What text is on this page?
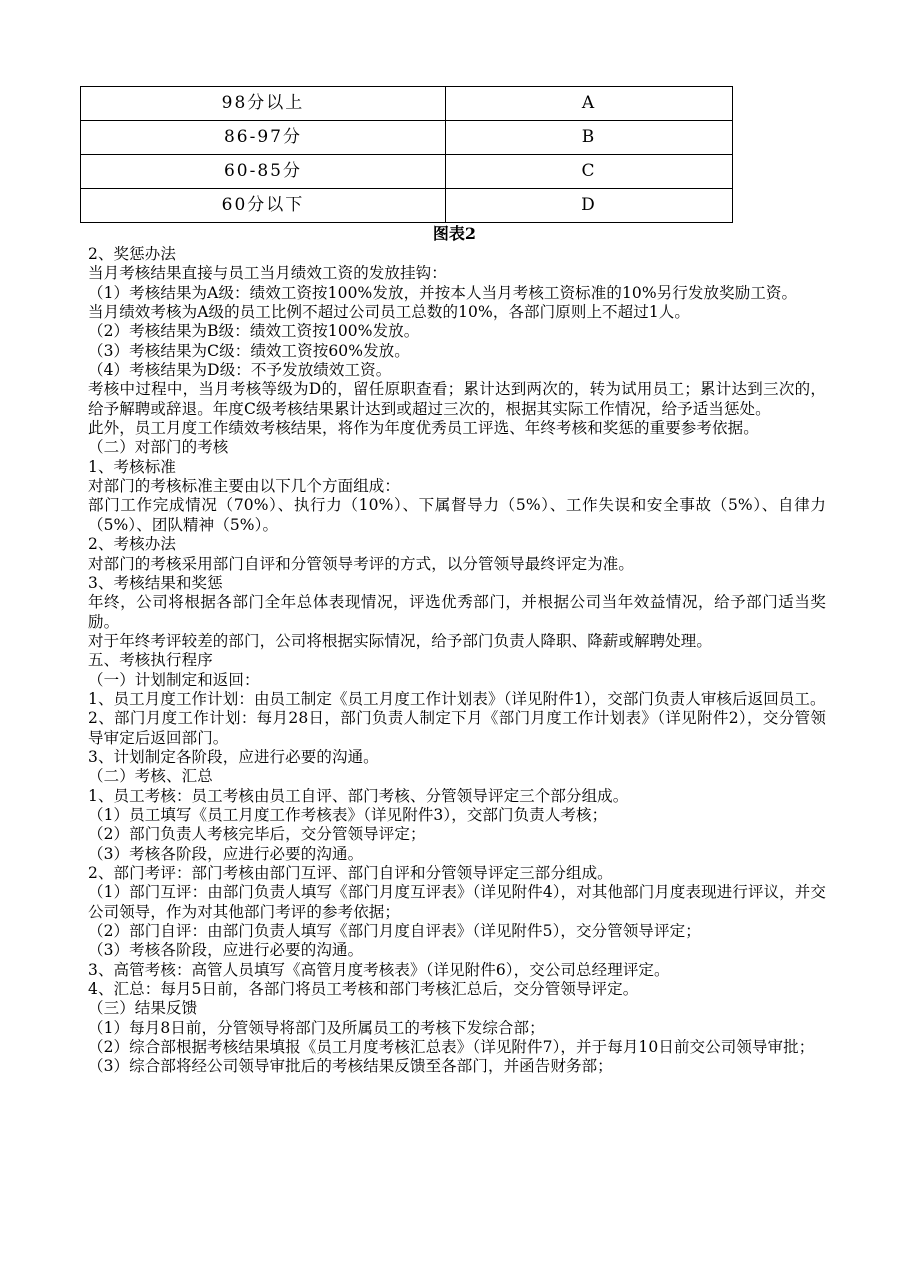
98分以上	A
86-97分	B
60-85分	C
60分以下	D
图表2

2、奖惩办法

当月考核结果直接与员工当月绩效工资的发放挂钩：

（1）考核结果为A级：绩效工资按100%发放，并按本人当月考核工资标准的10%另行发放奖励工资。

当月绩效考核为A级的员工比例不超过公司员工总数的10%，各部门原则上不超过1人。

（2）考核结果为B级：绩效工资按100%发放。

（3）考核结果为C级：绩效工资按60%发放。

（4）考核结果为D级：不予发放绩效工资。

考核中过程中，当月考核等级为D的，留任原职查看；累计达到两次的，转为试用员工；累计达到三次的，给予解聘或辞退。年度C级考核结果累计达到或超过三次的，根据其实际工作情况，给予适当惩处。

此外，员工月度工作绩效考核结果，将作为年度优秀员工评选、年终考核和奖惩的重要参考依据。

（二）对部门的考核

1、考核标准

对部门的考核标准主要由以下几个方面组成：

部门工作完成情况（70%）、执行力（10%）、下属督导力（5%）、工作失误和安全事故（5%）、自律力（5%）、团队精神（5%）。

2、考核办法

对部门的考核采用部门自评和分管领导考评的方式，以分管领导最终评定为准。

3、考核结果和奖惩

年终，公司将根据各部门全年总体表现情况，评选优秀部门，并根据公司当年效益情况，给予部门适当奖励。

对于年终考评较差的部门，公司将根据实际情况，给予部门负责人降职、降薪或解聘处理。

五、考核执行程序

（一）计划制定和返回：

1、员工月度工作计划：由员工制定《员工月度工作计划表》（详见附件1），交部门负责人审核后返回员工。

2、部门月度工作计划：每月28日，部门负责人制定下月《部门月度工作计划表》（详见附件2），交分管领导审定后返回部门。

3、计划制定各阶段，应进行必要的沟通。

（二）考核、汇总

1、员工考核：员工考核由员工自评、部门考核、分管领导评定三个部分组成。

（1）员工填写《员工月度工作考核表》（详见附件3），交部门负责人考核；

（2）部门负责人考核完毕后，交分管领导评定；

（3）考核各阶段，应进行必要的沟通。

2、部门考评：部门考核由部门互评、部门自评和分管领导评定三部分组成。

（1）部门互评：由部门负责人填写《部门月度互评表》（详见附件4），对其他部门月度表现进行评议，并交公司领导，作为对其他部门考评的参考依据；

（2）部门自评：由部门负责人填写《部门月度自评表》（详见附件5），交分管领导评定；

（3）考核各阶段，应进行必要的沟通。

3、高管考核：高管人员填写《高管月度考核表》（详见附件6），交公司总经理评定。

4、汇总：每月5日前，各部门将员工考核和部门考核汇总后，交分管领导评定。

（三）结果反馈

（1）每月8日前，分管领导将部门及所属员工的考核下发综合部；

（2）综合部根据考核结果填报《员工月度考核汇总表》（详见附件7），并于每月10日前交公司领导审批；

（3）综合部将经公司领导审批后的考核结果反馈至各部门，并函告财务部；
